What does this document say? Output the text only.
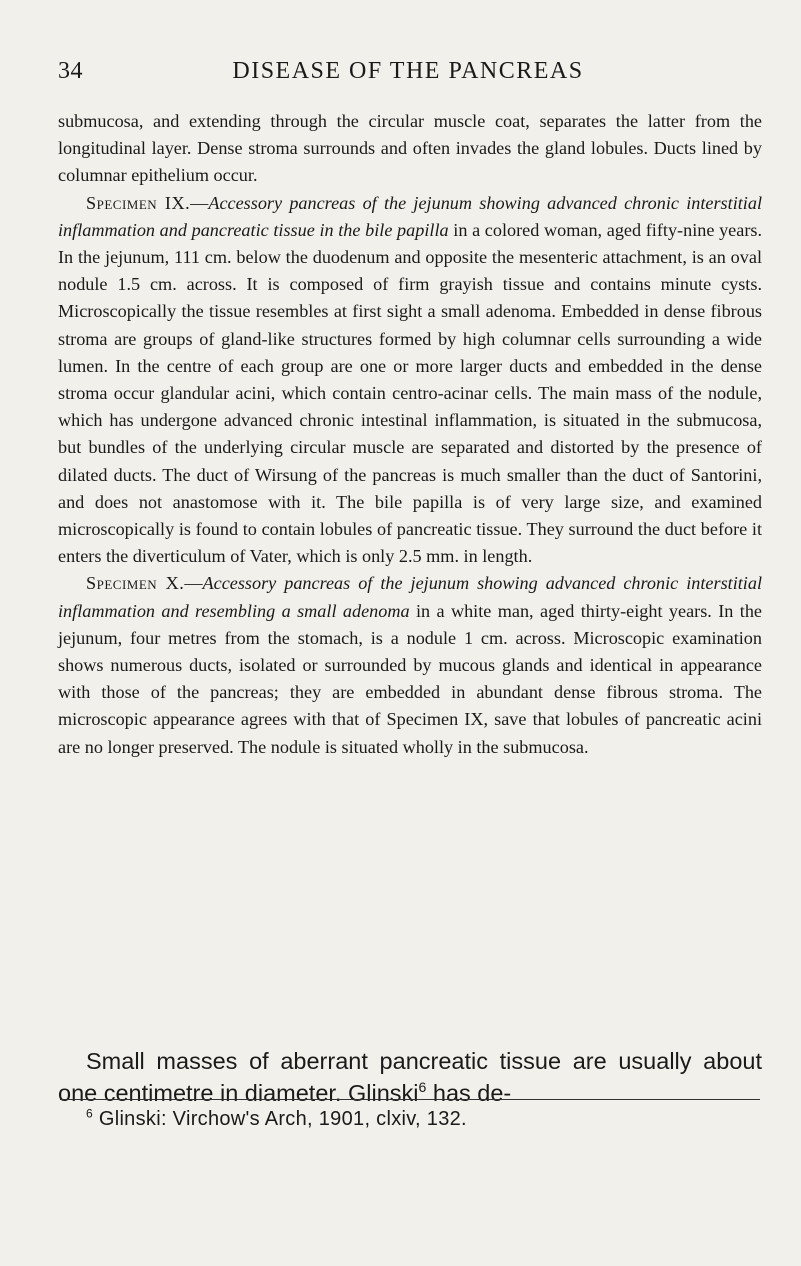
34	DISEASE OF THE PANCREAS

submucosa, and extending through the circular muscle coat, separates the latter from the longitudinal layer. Dense stroma surrounds and often invades the gland lobules. Ducts lined by columnar epithelium occur.

Specimen IX.—Accessory pancreas of the jejunum showing advanced chronic interstitial inflammation and pancreatic tissue in the bile papilla in a colored woman, aged fifty-nine years. In the jejunum, 111 cm. below the duodenum and opposite the mesenteric attachment, is an oval nodule 1.5 cm. across. It is composed of firm grayish tissue and contains minute cysts. Microscopically the tissue resembles at first sight a small adenoma. Embedded in dense fibrous stroma are groups of gland-like structures formed by high columnar cells surrounding a wide lumen. In the centre of each group are one or more larger ducts and embedded in the dense stroma occur glandular acini, which contain centro-acinar cells. The main mass of the nodule, which has undergone advanced chronic intestinal inflammation, is situated in the submucosa, but bundles of the underlying circular muscle are separated and distorted by the presence of dilated ducts. The duct of Wirsung of the pancreas is much smaller than the duct of Santorini, and does not anastomose with it. The bile papilla is of very large size, and examined microscopically is found to contain lobules of pancreatic tissue. They surround the duct before it enters the diverticulum of Vater, which is only 2.5 mm. in length.

Specimen X.—Accessory pancreas of the jejunum showing advanced chronic interstitial inflammation and resembling a small adenoma in a white man, aged thirty-eight years. In the jejunum, four metres from the stomach, is a nodule 1 cm. across. Microscopic examination shows numerous ducts, isolated or surrounded by mucous glands and identical in appearance with those of the pancreas; they are embedded in abundant dense fibrous stroma. The microscopic appearance agrees with that of Specimen IX, save that lobules of pancreatic acini are no longer preserved. The nodule is situated wholly in the submucosa.

Small masses of aberrant pancreatic tissue are usually about one centimetre in diameter. Glinski$^6$ has de-

$^6$ Glinski: Virchow's Arch, 1901, clxiv, 132.
